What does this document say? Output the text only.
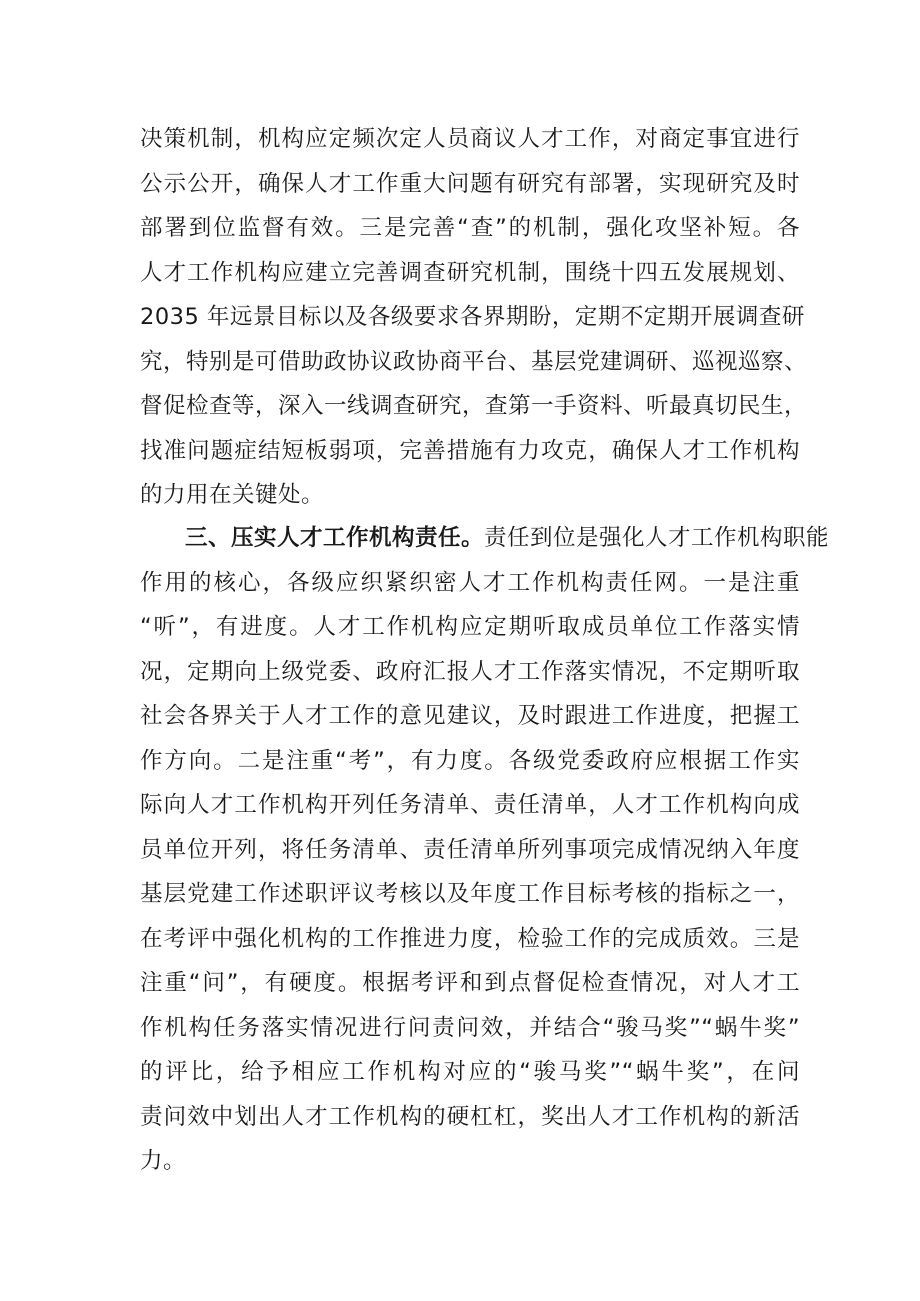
决策机制，机构应定频次定人员商议人才工作，对商定事宜进行
公示公开，确保人才工作重大问题有研究有部署，实现研究及时
部署到位监督有效。三是完善“查”的机制，强化攻坚补短。各
人才工作机构应建立完善调查研究机制，围绕十四五发展规划、
2035 年远景目标以及各级要求各界期盼，定期不定期开展调查研
究，特别是可借助政协议政协商平台、基层党建调研、巡视巡察、
督促检查等，深入一线调查研究，查第一手资料、听最真切民生，
找准问题症结短板弱项，完善措施有力攻克，确保人才工作机构
的力用在关键处。
三、压实人才工作机构责任。责任到位是强化人才工作机构职能
作用的核心，各级应织紧织密人才工作机构责任网。一是注重
“听”，有进度。人才工作机构应定期听取成员单位工作落实情
况，定期向上级党委、政府汇报人才工作落实情况，不定期听取
社会各界关于人才工作的意见建议，及时跟进工作进度，把握工
作方向。二是注重“考”，有力度。各级党委政府应根据工作实
际向人才工作机构开列任务清单、责任清单，人才工作机构向成
员单位开列，将任务清单、责任清单所列事项完成情况纳入年度
基层党建工作述职评议考核以及年度工作目标考核的指标之一，
在考评中强化机构的工作推进力度，检验工作的完成质效。三是
注重“问”，有硬度。根据考评和到点督促检查情况，对人才工
作机构任务落实情况进行问责问效，并结合“骏马奖”“蜗牛奖”
的评比，给予相应工作机构对应的“骏马奖”“蜗牛奖”，在问
责问效中划出人才工作机构的硬杠杠，奖出人才工作机构的新活
力。
